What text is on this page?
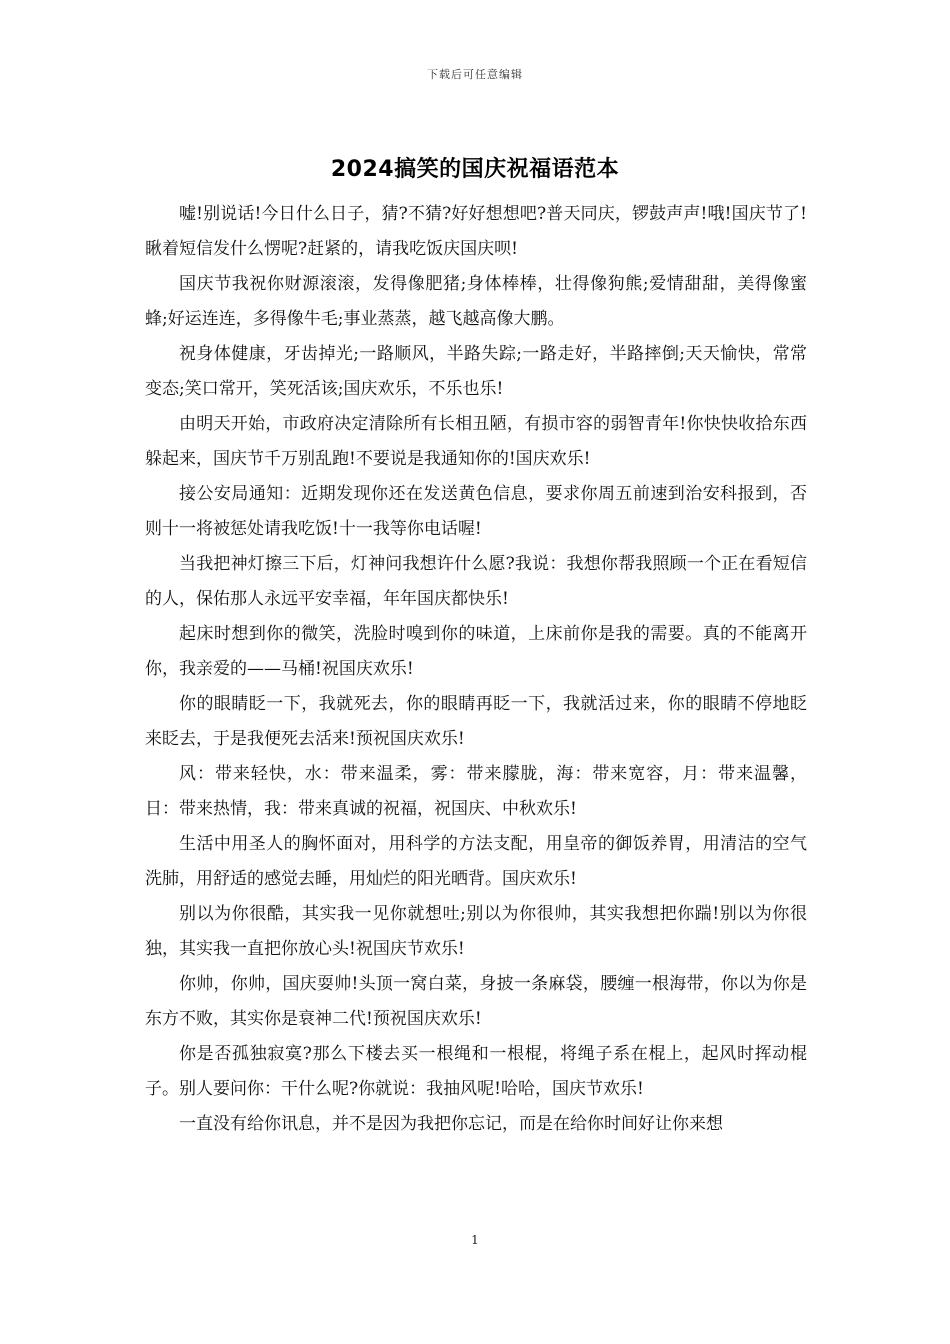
下载后可任意编辑
2024搞笑的国庆祝福语范本

嘘!别说话!今日什么日子，猜?不猜?好好想想吧?普天同庆，锣鼓声声!哦!国庆节了!瞅着短信发什么愣呢?赶紧的，请我吃饭庆国庆呗!

国庆节我祝你财源滚滚，发得像肥猪;身体棒棒，壮得像狗熊;爱情甜甜，美得像蜜蜂;好运连连，多得像牛毛;事业蒸蒸，越飞越高像大鹏。

祝身体健康，牙齿掉光;一路顺风，半路失踪;一路走好，半路摔倒;天天愉快，常常变态;笑口常开，笑死活该;国庆欢乐，不乐也乐!

由明天开始，市政府决定清除所有长相丑陋，有损市容的弱智青年!你快快收拾东西躲起来，国庆节千万别乱跑!不要说是我通知你的!国庆欢乐!

接公安局通知：近期发现你还在发送黄色信息，要求你周五前速到治安科报到，否则十一将被惩处请我吃饭!十一我等你电话喔!

当我把神灯擦三下后，灯神问我想许什么愿?我说：我想你帮我照顾一个正在看短信的人，保佑那人永远平安幸福，年年国庆都快乐!

起床时想到你的微笑，洗脸时嗅到你的味道，上床前你是我的需要。真的不能离开你，我亲爱的——马桶!祝国庆欢乐!

你的眼睛眨一下，我就死去，你的眼睛再眨一下，我就活过来，你的眼睛不停地眨来眨去，于是我便死去活来!预祝国庆欢乐!

风：带来轻快，水：带来温柔，雾：带来朦胧，海：带来宽容，月：带来温馨，日：带来热情，我：带来真诚的祝福，祝国庆、中秋欢乐!

生活中用圣人的胸怀面对，用科学的方法支配，用皇帝的御饭养胃，用清洁的空气洗肺，用舒适的感觉去睡，用灿烂的阳光晒背。国庆欢乐!

别以为你很酷，其实我一见你就想吐;别以为你很帅，其实我想把你踹!别以为你很独，其实我一直把你放心头!祝国庆节欢乐!

你帅，你帅，国庆耍帅!头顶一窝白菜，身披一条麻袋，腰缠一根海带，你以为你是东方不败，其实你是衰神二代!预祝国庆欢乐!

你是否孤独寂寞?那么下楼去买一根绳和一根棍，将绳子系在棍上，起风时挥动棍子。别人要问你：干什么呢?你就说：我抽风呢!哈哈，国庆节欢乐!

一直没有给你讯息，并不是因为我把你忘记，而是在给你时间好让你来想

1
